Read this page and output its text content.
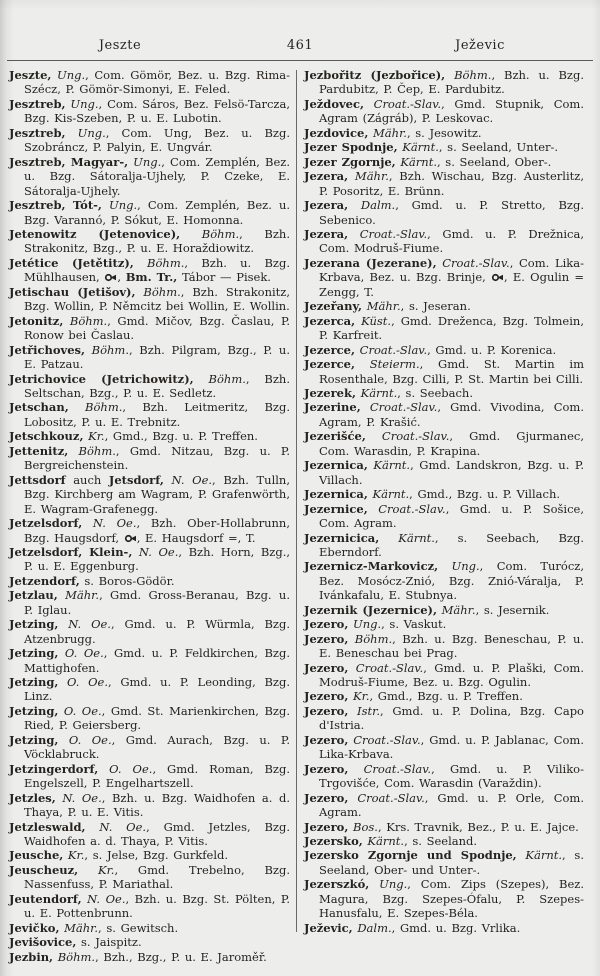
Jeszte	461	Ježevic

Jeszte, Ung., Com. Gömör, Bez. u. Bzg. Rima-Szécz, P. Gömör-Simonyi, E. Feled.

Jesztreb, Ung., Com. Sáros, Bez. Felsö-Tarcza, Bzg. Kis-Szeben, P. u. E. Lubotin.

Jesztreb, Ung., Com. Ung, Bez. u. Bzg. Szobráncz, P. Palyin, E. Ungvár.

Jesztreb, Magyar-, Ung., Com. Zemplén, Bez. u. Bzg. Sátoralja-Ujhely, P. Czeke, E. Sátoralja-Ujhely.

Jesztreb, Tót-, Ung., Com. Zemplén, Bez. u. Bzg. Varannó, P. Sókut, E. Homonna.

Jetenowitz (Jetenovice), Böhm., Bzh. Strakonitz, Bzg., P. u. E. Horaždiowitz.

Jetétice (Jetětitz), Böhm., Bzh. u. Bzg. Mühlhausen, , Bm. Tr., Tábor — Pisek.

Jetischau (Jetišov), Böhm., Bzh. Strakonitz, Bzg. Wollin, P. Němcitz bei Wollin, E. Wollin.

Jetonitz, Böhm., Gmd. Mičov, Bzg. Časlau, P. Ronow bei Časlau.

Jetřichoves, Böhm., Bzh. Pilgram, Bzg., P. u. E. Patzau.

Jetrichovice (Jetrichowitz), Böhm., Bzh. Seltschan, Bzg., P. u. E. Sedletz.

Jetschan, Böhm., Bzh. Leitmeritz, Bzg. Lobositz, P. u. E. Trebnitz.

Jetschkouz, Kr., Gmd., Bzg. u. P. Treffen.

Jettenitz, Böhm., Gmd. Nitzau, Bzg. u. P. Bergreichenstein.

Jettsdorf auch Jetsdorf, N. Oe., Bzh. Tulln, Bzg. Kirchberg am Wagram, P. Grafenwörth, E. Wagram-Grafenegg.

Jetzelsdorf, N. Oe., Bzh. Ober-Hollabrunn, Bzg. Haugsdorf, , E. Haugsdorf =, T.

Jetzelsdorf, Klein-, N. Oe., Bzh. Horn, Bzg., P. u. E. Eggenburg.

Jetzendorf, s. Boros-Gödör.

Jetzlau, Mähr., Gmd. Gross-Beranau, Bzg. u. P. Iglau.

Jetzing, N. Oe., Gmd. u. P. Würmla, Bzg. Atzenbrugg.

Jetzing, O. Oe., Gmd. u. P. Feldkirchen, Bzg. Mattighofen.

Jetzing, O. Oe., Gmd. u. P. Leonding, Bzg. Linz.

Jetzing, O. Oe., Gmd. St. Marienkirchen, Bzg. Ried, P. Geiersberg.

Jetzing, O. Oe., Gmd. Aurach, Bzg. u. P. Vöcklabruck.

Jetzingerdorf, O. Oe., Gmd. Roman, Bzg. Engelszell, P. Engelhartszell.

Jetzles, N. Oe., Bzh. u. Bzg. Waidhofen a. d. Thaya, P. u. E. Vitis.

Jetzleswald, N. Oe., Gmd. Jetzles, Bzg. Waidhofen a. d. Thaya, P. Vitis.

Jeusche, Kr., s. Jelse, Bzg. Gurkfeld.

Jeuscheuz, Kr., Gmd. Trebelno, Bzg. Nassenfuss, P. Mariathal.

Jeutendorf, N. Oe., Bzh. u. Bzg. St. Pölten, P. u. E. Pottenbrunn.

Jevičko, Mähr., s. Gewitsch.

Jevišovice, s. Jaispitz.

Jezbin, Böhm., Bzh., Bzg., P. u. E. Jaroměř.

Jezbořitz (Jezbořice), Böhm., Bzh. u. Bzg. Pardubitz, P. Čep, E. Pardubitz.

Ježdovec, Croat.-Slav., Gmd. Stupnik, Com. Agram (Zágráb), P. Leskovac.

Jezdovice, Mähr., s. Jesowitz.

Jezer Spodnje, Kärnt., s. Seeland, Unter-.

Jezer Zgornje, Kärnt., s. Seeland, Ober-.

Jezera, Mähr., Bzh. Wischau, Bzg. Austerlitz, P. Posoritz, E. Brünn.

Jezera, Dalm., Gmd. u. P. Stretto, Bzg. Sebenico.

Jezera, Croat.-Slav., Gmd. u. P. Drežnica, Com. Modruš-Fiume.

Jezerana (Jezerane), Croat.-Slav., Com. Lika-Krbava, Bez. u. Bzg. Brinje, , E. Ogulin = Zengg, T.

Jezeřany, Mähr., s. Jeseran.

Jezerca, Küst., Gmd. Dreženca, Bzg. Tolmein, P. Karfreit.

Jezerce, Croat.-Slav., Gmd. u. P. Korenica.

Jezerce, Steierm., Gmd. St. Martin im Rosenthale, Bzg. Cilli, P. St. Martin bei Cilli.

Jezerek, Kärnt., s. Seebach.

Jezerine, Croat.-Slav., Gmd. Vivodina, Com. Agram, P. Krašić.

Jezerišće, Croat.-Slav., Gmd. Gjurmanec, Com. Warasdin, P. Krapina.

Jezernica, Kärnt., Gmd. Landskron, Bzg. u. P. Villach.

Jezernica, Kärnt., Gmd., Bzg. u. P. Villach.

Jezernice, Croat.-Slav., Gmd. u. P. Sošice, Com. Agram.

Jezernicica, Kärnt., s. Seebach, Bzg. Eberndorf.

Jezernicz-Markovicz, Ung., Com. Turócz, Bez. Mosócz-Znió, Bzg. Znió-Váralja, P. Ivánkafalu, E. Stubnya.

Jezernik (Jezernice), Mähr., s. Jesernik.

Jezero, Ung., s. Vaskut.

Jezero, Böhm., Bzh. u. Bzg. Beneschau, P. u. E. Beneschau bei Prag.

Jezero, Croat.-Slav., Gmd. u. P. Plaški, Com. Modruš-Fiume, Bez. u. Bzg. Ogulin.

Jezero, Kr., Gmd., Bzg. u. P. Treffen.

Jezero, Istr., Gmd. u. P. Dolina, Bzg. Capo d'Istria.

Jezero, Croat.-Slav., Gmd. u. P. Jablanac, Com. Lika-Krbava.

Jezero, Croat.-Slav., Gmd. u. P. Viliko-Trgovišće, Com. Warasdin (Varaždin).

Jezero, Croat.-Slav., Gmd. u. P. Orle, Com. Agram.

Jezero, Bos., Krs. Travnik, Bez., P. u. E. Jajce.

Jezersko, Kärnt., s. Seeland.

Jezersko Zgornje und Spodnje, Kärnt., s. Seeland, Ober- und Unter-.

Jezerszkó, Ung., Com. Zips (Szepes), Bez. Magura, Bzg. Szepes-Ófalu, P. Szepes-Hanusfalu, E. Szepes-Béla.

Ježevic, Dalm., Gmd. u. Bzg. Vrlika.
